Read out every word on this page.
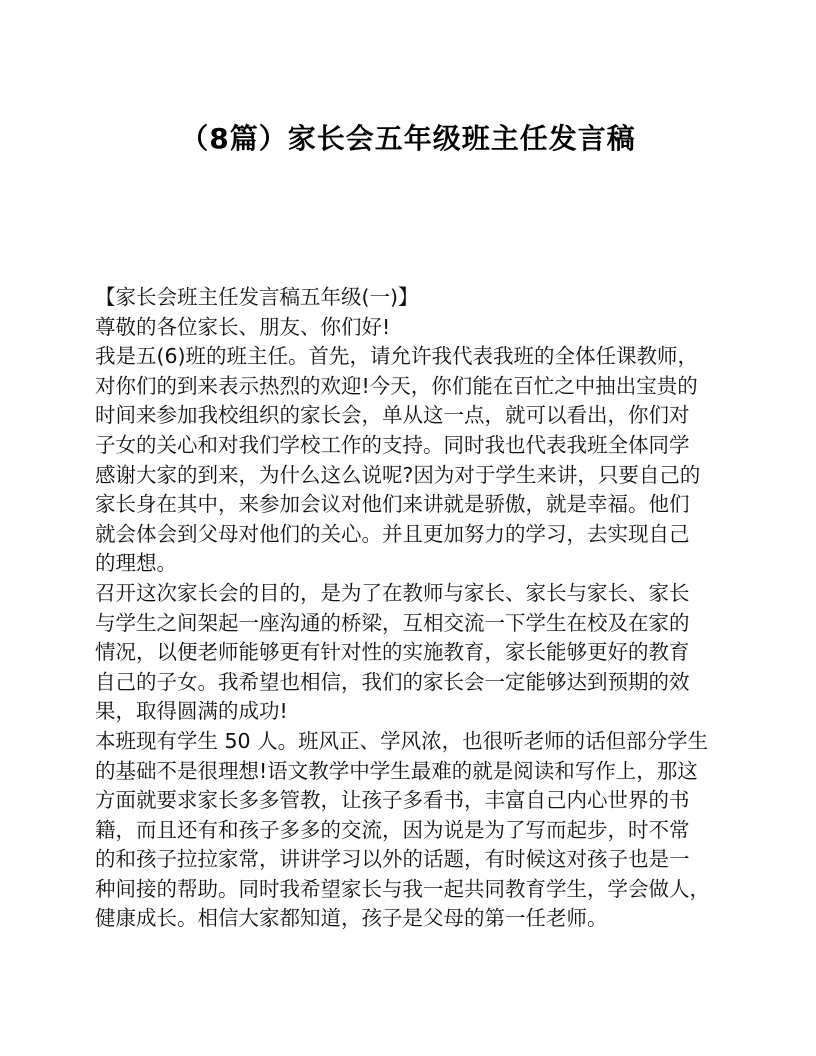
（8篇）家长会五年级班主任发言稿
【家长会班主任发言稿五年级(一)】
尊敬的各位家长、朋友、你们好!
我是五(6)班的班主任。首先，请允许我代表我班的全体任课教师，
对你们的到来表示热烈的欢迎!今天，你们能在百忙之中抽出宝贵的
时间来参加我校组织的家长会，单从这一点，就可以看出，你们对
子女的关心和对我们学校工作的支持。同时我也代表我班全体同学
感谢大家的到来，为什么这么说呢?因为对于学生来讲，只要自己的
家长身在其中，来参加会议对他们来讲就是骄傲，就是幸福。他们
就会体会到父母对他们的关心。并且更加努力的学习，去实现自己
的理想。
召开这次家长会的目的，是为了在教师与家长、家长与家长、家长
与学生之间架起一座沟通的桥梁，互相交流一下学生在校及在家的
情况，以便老师能够更有针对性的实施教育，家长能够更好的教育
自己的子女。我希望也相信，我们的家长会一定能够达到预期的效
果，取得圆满的成功!
本班现有学生 50 人。班风正、学风浓，也很听老师的话但部分学生
的基础不是很理想!语文教学中学生最难的就是阅读和写作上，那这
方面就要求家长多多管教，让孩子多看书，丰富自己内心世界的书
籍，而且还有和孩子多多的交流，因为说是为了写而起步，时不常
的和孩子拉拉家常，讲讲学习以外的话题，有时候这对孩子也是一
种间接的帮助。同时我希望家长与我一起共同教育学生，学会做人，
健康成长。相信大家都知道，孩子是父母的第一任老师。
